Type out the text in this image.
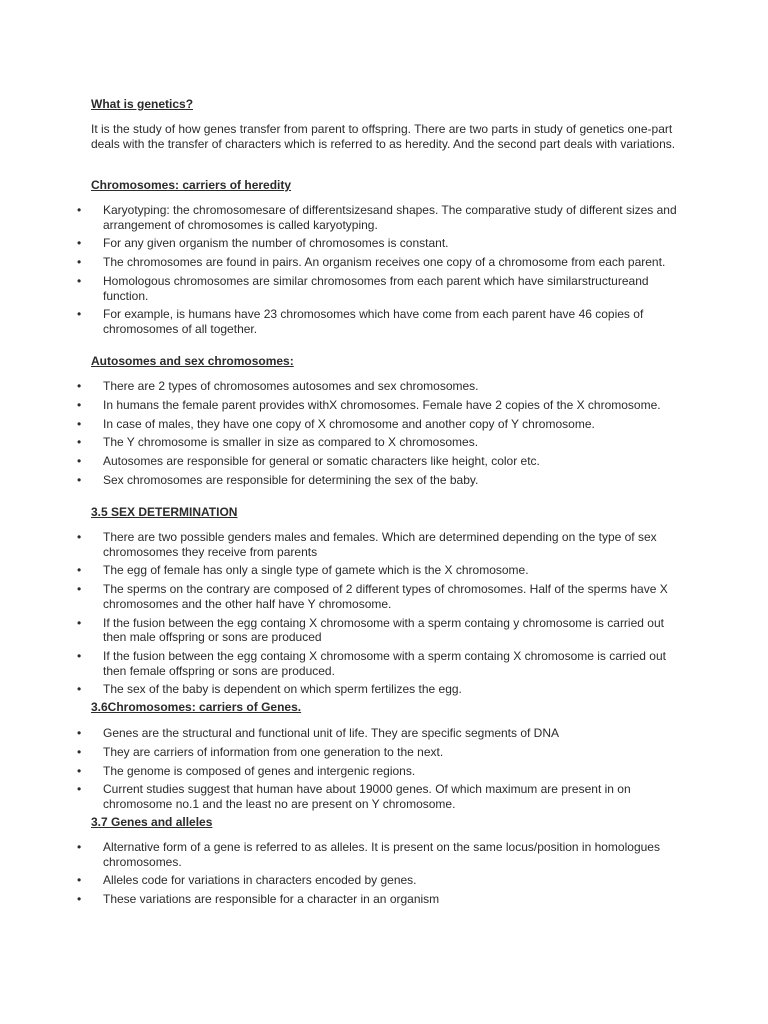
What is genetics?

It is the study of how genes transfer from parent to offspring. There are two parts in study of genetics one-part deals with the transfer of characters which is referred to as heredity. And the second part deals with variations.

Chromosomes: carriers of heredity
• Karyotyping: the chromosomesare of differentsizesand shapes. The comparative study of different sizes and arrangement of chromosomes is called karyotyping.
• For any given organism the number of chromosomes is constant.
• The chromosomes are found in pairs. An organism receives one copy of a chromosome from each parent.
• Homologous chromosomes are similar chromosomes from each parent which have similarstructureand function.
• For example, is humans have 23 chromosomes which have come from each parent have 46 copies of chromosomes of all together.
Autosomes and sex chromosomes:
• There are 2 types of chromosomes autosomes and sex chromosomes.
• In humans the female parent provides withX chromosomes. Female have 2 copies of the X chromosome.
• In case of males, they have one copy of X chromosome and another copy of Y chromosome.
• The Y chromosome is smaller in size as compared to X chromosomes.
• Autosomes are responsible for general or somatic characters like height, color etc.
• Sex chromosomes are responsible for determining the sex of the baby.
3.5 SEX DETERMINATION
• There are two possible genders males and females. Which are determined depending on the type of sex chromosomes they receive from parents
• The egg of female has only a single type of gamete which is the X chromosome.
• The sperms on the contrary are composed of 2 different types of chromosomes. Half of the sperms have X chromosomes and the other half have Y chromosome.
• If the fusion between the egg containg X chromosome with a sperm containg y chromosome is carried out then male offspring or sons are produced
• If the fusion between the egg containg X chromosome with a sperm containg X chromosome is carried out then female offspring or sons are produced.
• The sex of the baby is dependent on which sperm fertilizes the egg.
3.6Chromosomes: carriers of Genes.
• Genes are the structural and functional unit of life. They are specific segments of DNA
• They are carriers of information from one generation to the next.
• The genome is composed of genes and intergenic regions.
• Current studies suggest that human have about 19000 genes. Of which maximum are present in on chromosome no.1 and the least no are present on Y chromosome.
3.7 Genes and alleles
• Alternative form of a gene is referred to as alleles. It is present on the same locus/position in homologues chromosomes.
• Alleles code for variations in characters encoded by genes.
• These variations are responsible for a character in an organism
